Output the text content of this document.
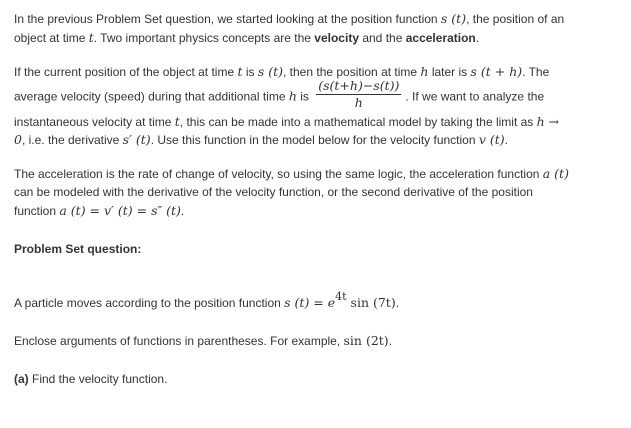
In the previous Problem Set question, we started looking at the position function s (t), the position of an object at time t. Two important physics concepts are the velocity and the acceleration.

If the current position of the object at time t is s (t), then the position at time h later is s (t + h). The average velocity (speed) during that additional time h is $\frac{(s(t+h)-s(t))}{h}$ . If we want to analyze the instantaneous velocity at time t, this can be made into a mathematical model by taking the limit as h → 0, i.e. the derivative s′ (t). Use this function in the model below for the velocity function v (t).

The acceleration is the rate of change of velocity, so using the same logic, the acceleration function a (t) can be modeled with the derivative of the velocity function, or the second derivative of the position function a (t) = v′ (t) = s″ (t).

Problem Set question:

A particle moves according to the position function s $(t) = e^{4t}$ sin (7t).

Enclose arguments of functions in parentheses. For example, sin (2t).

(a) Find the velocity function.
